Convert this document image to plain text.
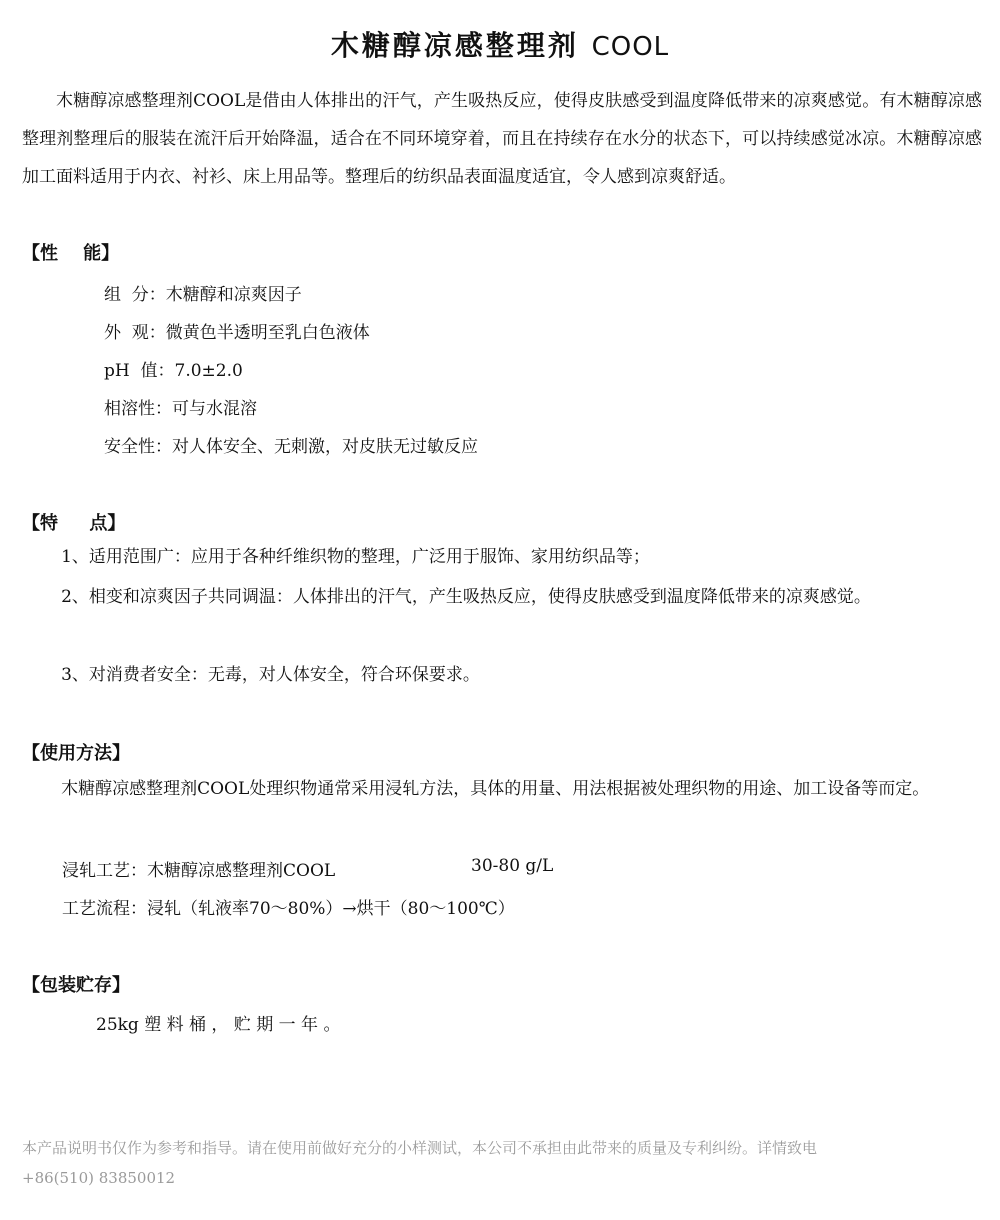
木糖醇凉感整理剂 COOL

木糖醇凉感整理剂COOL是借由人体排出的汗气，产生吸热反应，使得皮肤感受到温度降低带来的凉爽感觉。有木糖醇凉感整理剂整理后的服装在流汗后开始降温，适合在不同环境穿着，而且在持续存在水分的状态下，可以持续感觉冰凉。木糖醇凉感加工面料适用于内衣、衬衫、床上用品等。整理后的纺织品表面温度适宜，令人感到凉爽舒适。

【性    能】

组  分：木糖醇和凉爽因子

外  观：微黄色半透明至乳白色液体

pH  值：7.0±2.0

相溶性：可与水混溶

安全性：对人体安全、无刺激，对皮肤无过敏反应

【特     点】

1、适用范围广：应用于各种纤维织物的整理，广泛用于服饰、家用纺织品等；

2、相变和凉爽因子共同调温：人体排出的汗气，产生吸热反应，使得皮肤感受到温度降低带来的凉爽感觉。

3、对消费者安全：无毒，对人体安全，符合环保要求。

【使用方法】

木糖醇凉感整理剂COOL处理织物通常采用浸轧方法，具体的用量、用法根据被处理织物的用途、加工设备等而定。

浸轧工艺：木糖醇凉感整理剂COOL	30-80 g/L

工艺流程：浸轧（轧液率70～80%）→烘干（80～100℃）

【包装贮存】

25kg 塑 料 桶 ， 贮 期 一 年 。

本产品说明书仅作为参考和指导。请在使用前做好充分的小样测试，本公司不承担由此带来的质量及专利纠纷。详情致电

+86(510) 83850012
